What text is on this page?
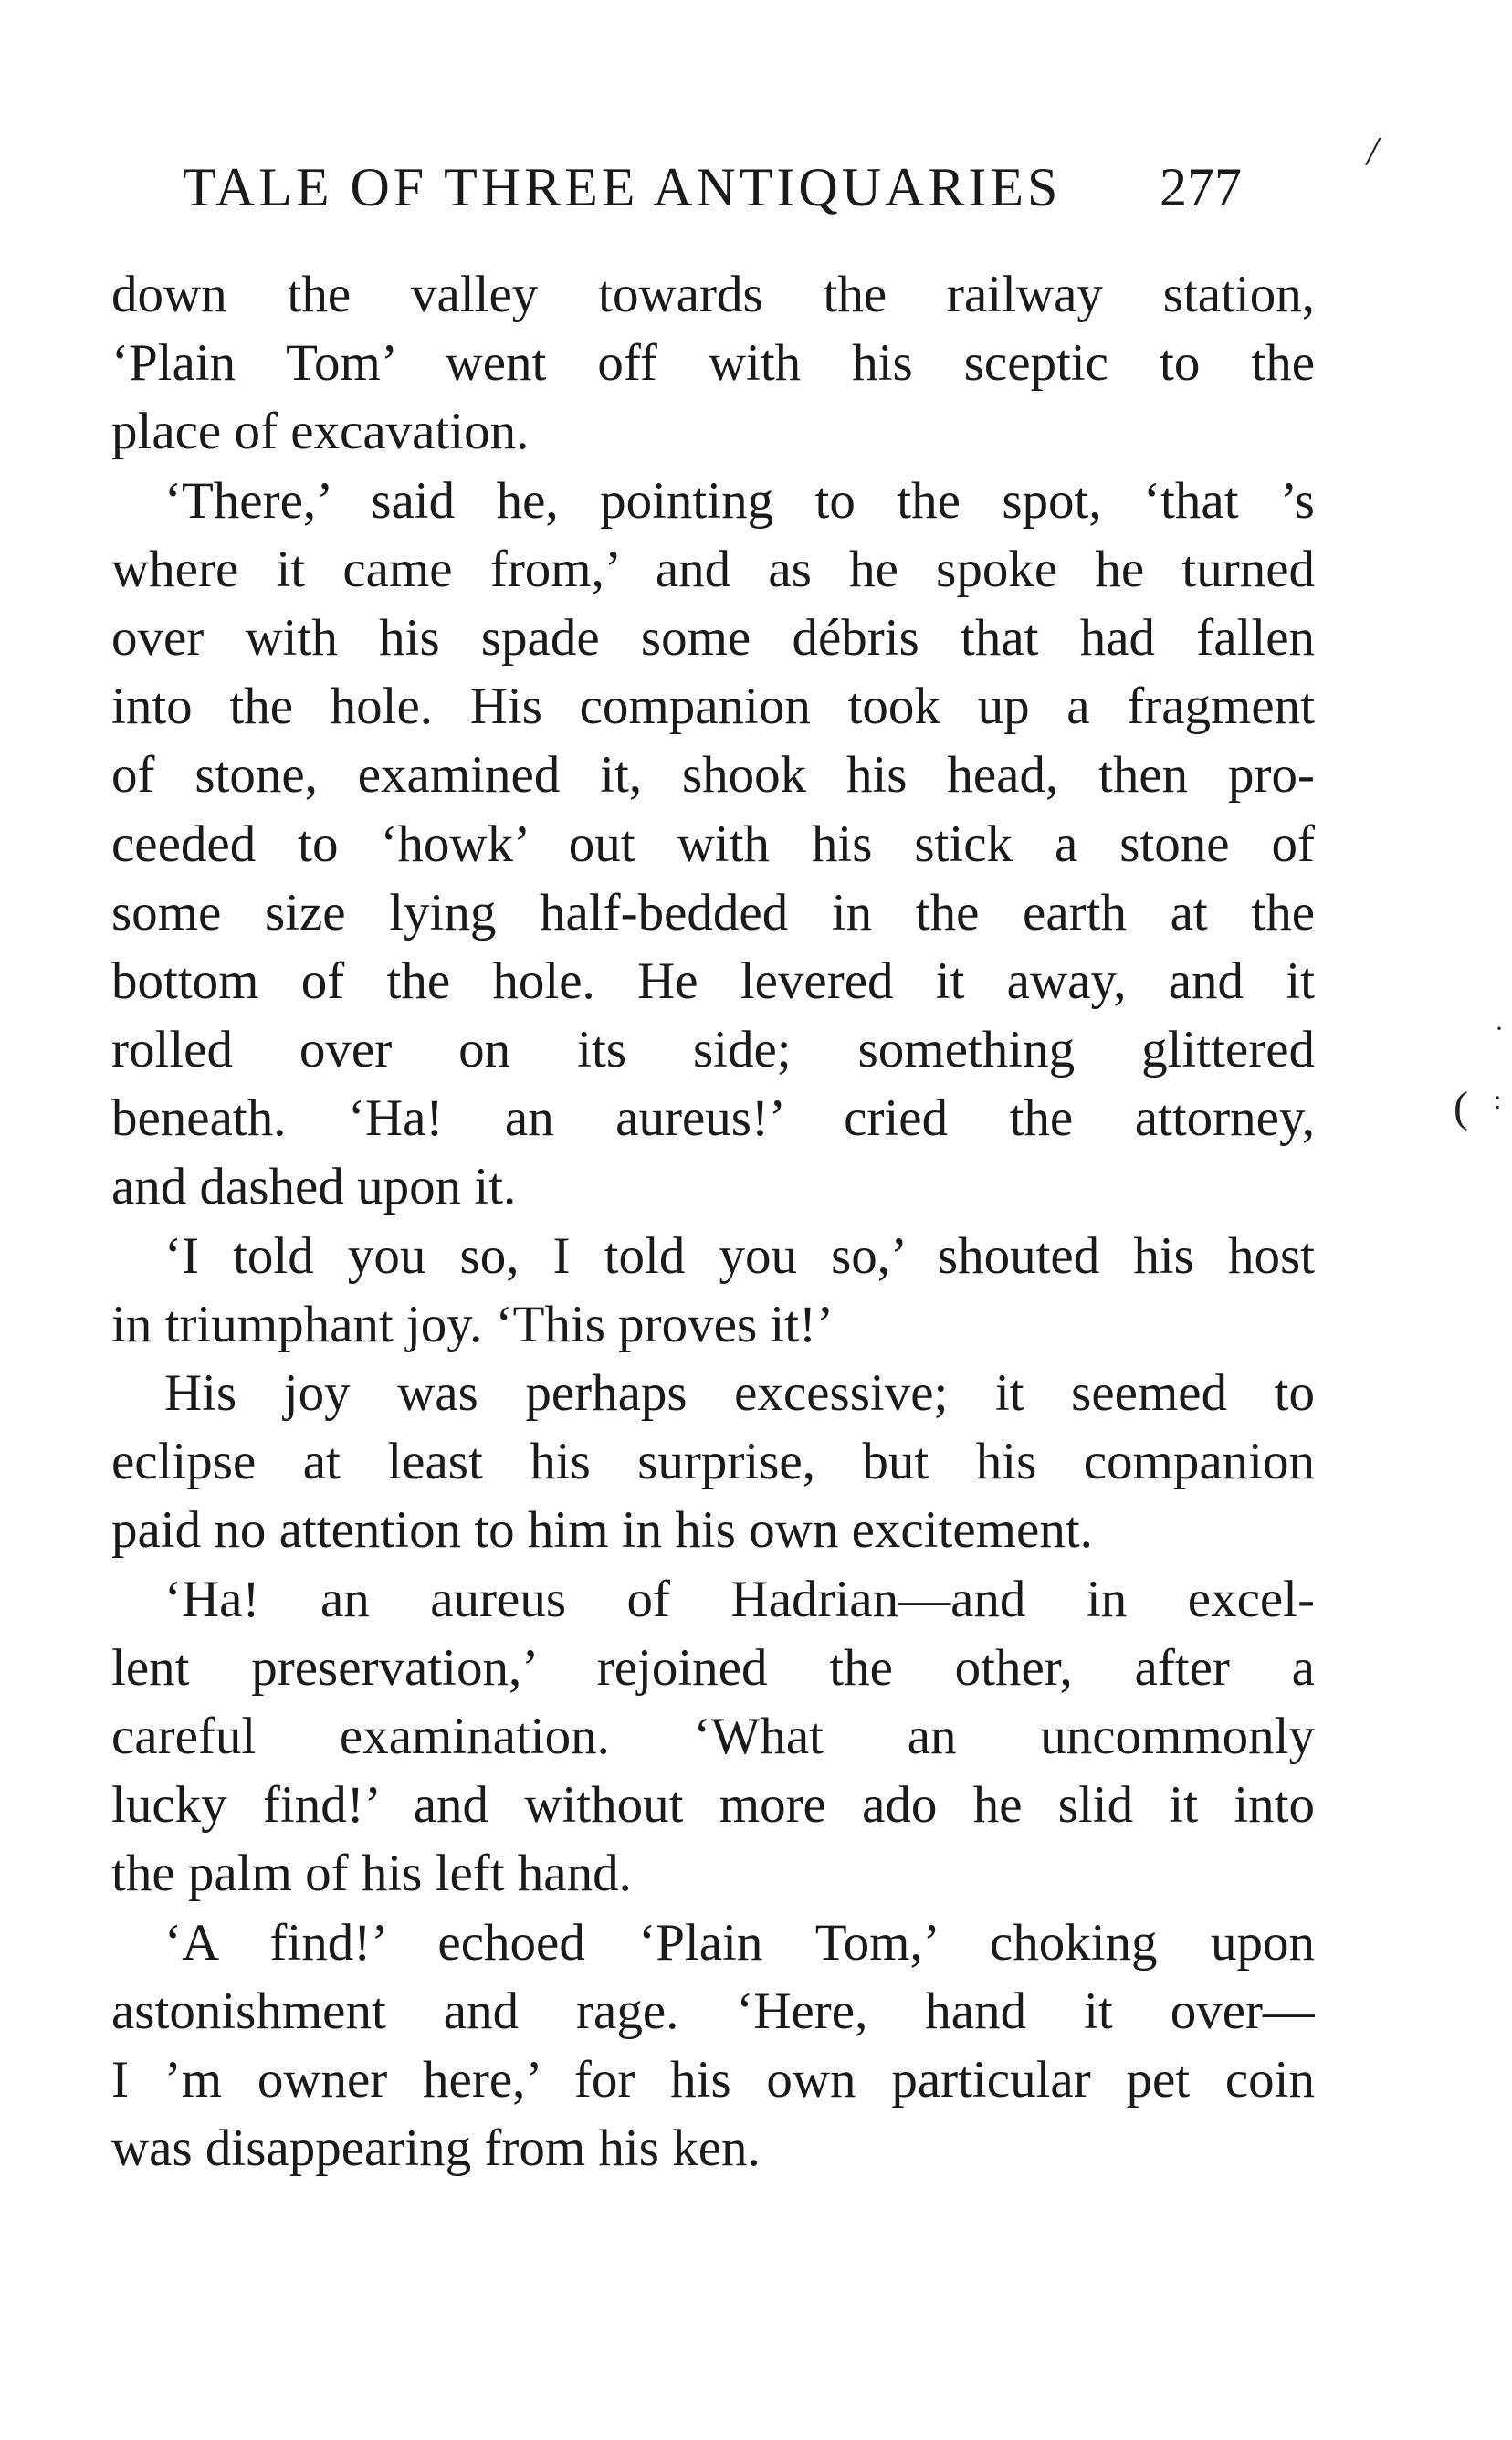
TALE OF THREE ANTIQUARIES 277
/
·
( :
down the valley towards the railway station,
‘Plain Tom’ went off with his sceptic to the
place of excavation.
‘There,’ said he, pointing to the spot, ‘that ’s
where it came from,’ and as he spoke he turned
over with his spade some débris that had fallen
into the hole. His companion took up a fragment
of stone, examined it, shook his head, then pro-
ceeded to ‘howk’ out with his stick a stone of
some size lying half-bedded in the earth at the
bottom of the hole. He levered it away, and it
rolled over on its side; something glittered
beneath. ‘Ha! an aureus!’ cried the attorney,
and dashed upon it.
‘I told you so, I told you so,’ shouted his host
in triumphant joy. ‘This proves it!’
His joy was perhaps excessive; it seemed to
eclipse at least his surprise, but his companion
paid no attention to him in his own excitement.
‘Ha! an aureus of Hadrian—and in excel-
lent preservation,’ rejoined the other, after a
careful examination. ‘What an uncommonly
lucky find!’ and without more ado he slid it into
the palm of his left hand.
‘A find!’ echoed ‘Plain Tom,’ choking upon
astonishment and rage. ‘Here, hand it over—
I ’m owner here,’ for his own particular pet coin
was disappearing from his ken.
